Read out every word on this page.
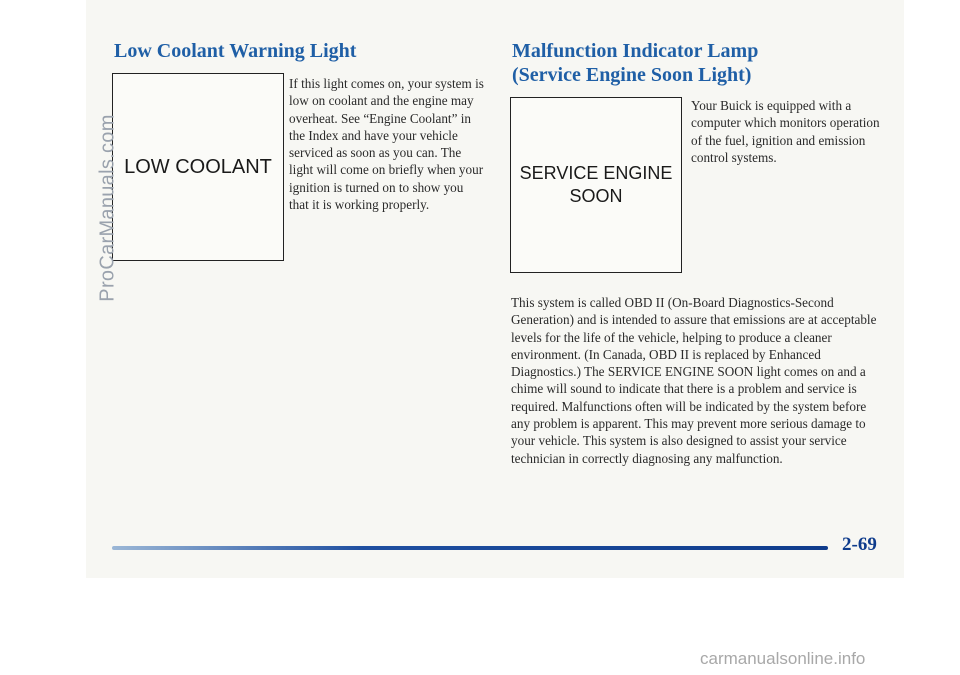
Low Coolant Warning Light
LOW COOLANT

If this light comes on, your system is low on coolant and the engine may overheat. See “Engine Coolant” in the Index and have your vehicle serviced as soon as you can. The light will come on briefly when your ignition is turned on to show you that it is working properly.

Malfunction Indicator Lamp
(Service Engine Soon Light)
SERVICE ENGINE
SOON

Your Buick is equipped with a computer which monitors operation of the fuel, ignition and emission control systems.

This system is called OBD II (On-Board Diagnostics-Second Generation) and is intended to assure that emissions are at acceptable levels for the life of the vehicle, helping to produce a cleaner environment. (In Canada, OBD II is replaced by Enhanced Diagnostics.) The SERVICE ENGINE SOON light comes on and a chime will sound to indicate that there is a problem and service is required. Malfunctions often will be indicated by the system before any problem is apparent. This may prevent more serious damage to your vehicle. This system is also designed to assist your service technician in correctly diagnosing any malfunction.

2-69
ProCarManuals.com
carmanualsonline.info
